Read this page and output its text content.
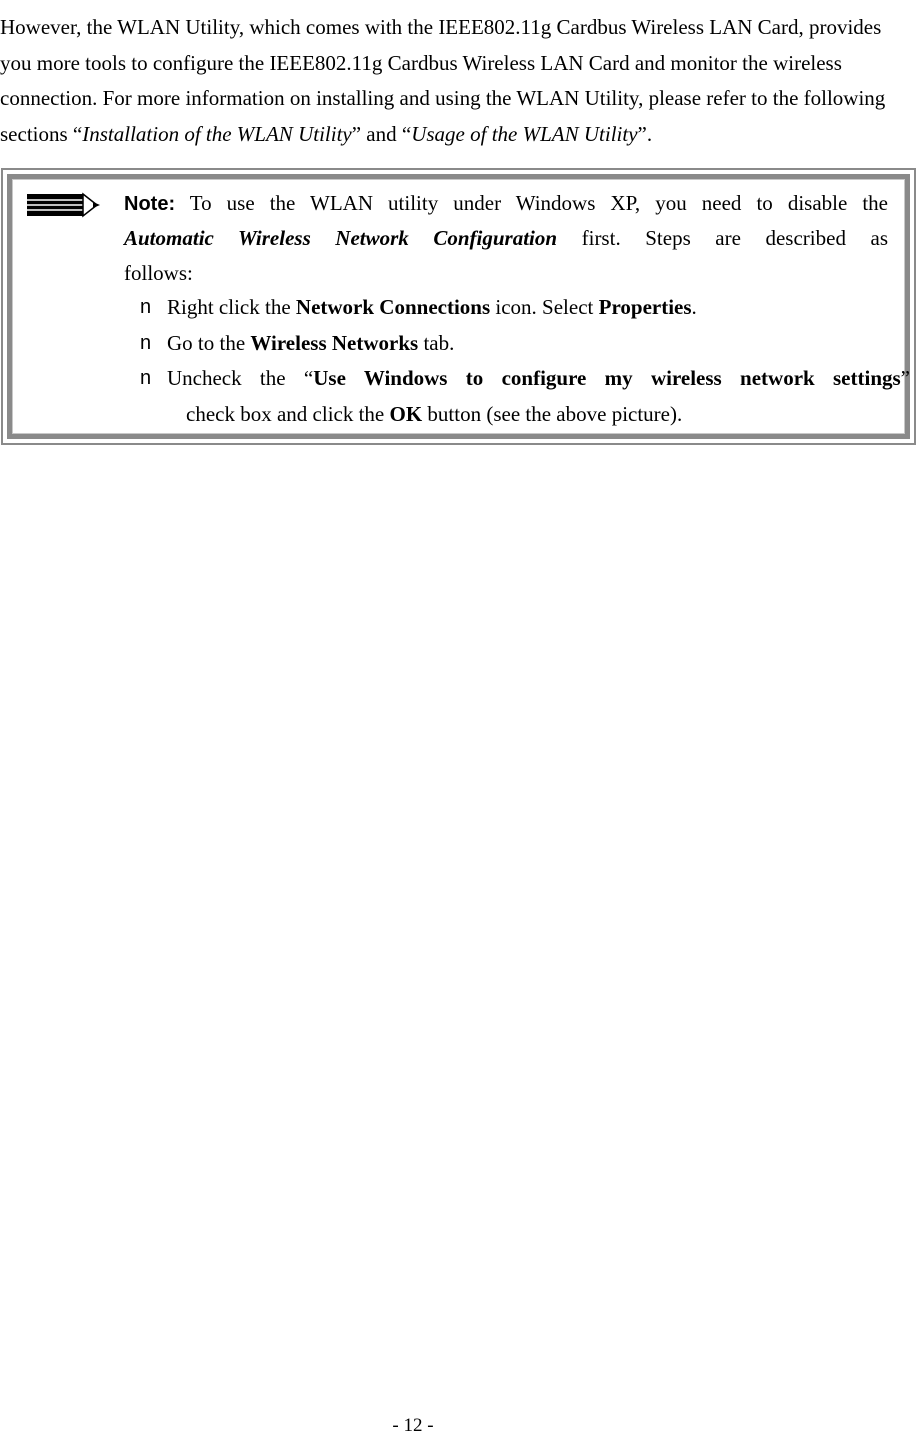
However, the WLAN Utility, which comes with the IEEE802.11g Cardbus Wireless LAN Card, provides you more tools to configure the IEEE802.11g Cardbus Wireless LAN Card and monitor the wireless connection. For more information on installing and using the WLAN Utility, please refer to the following sections “Installation of the WLAN Utility” and “Usage of the WLAN Utility”.

Note: To use the WLAN utility under Windows XP, you need to disable the
Automatic Wireless Network Configuration first. Steps are described as
follows:
n Right click the Network Connections icon. Select Properties.
n Go to the Wireless Networks tab.
n Uncheck the “Use Windows to configure my wireless network settings”
check box and click the OK button (see the above picture).
- 12 -
